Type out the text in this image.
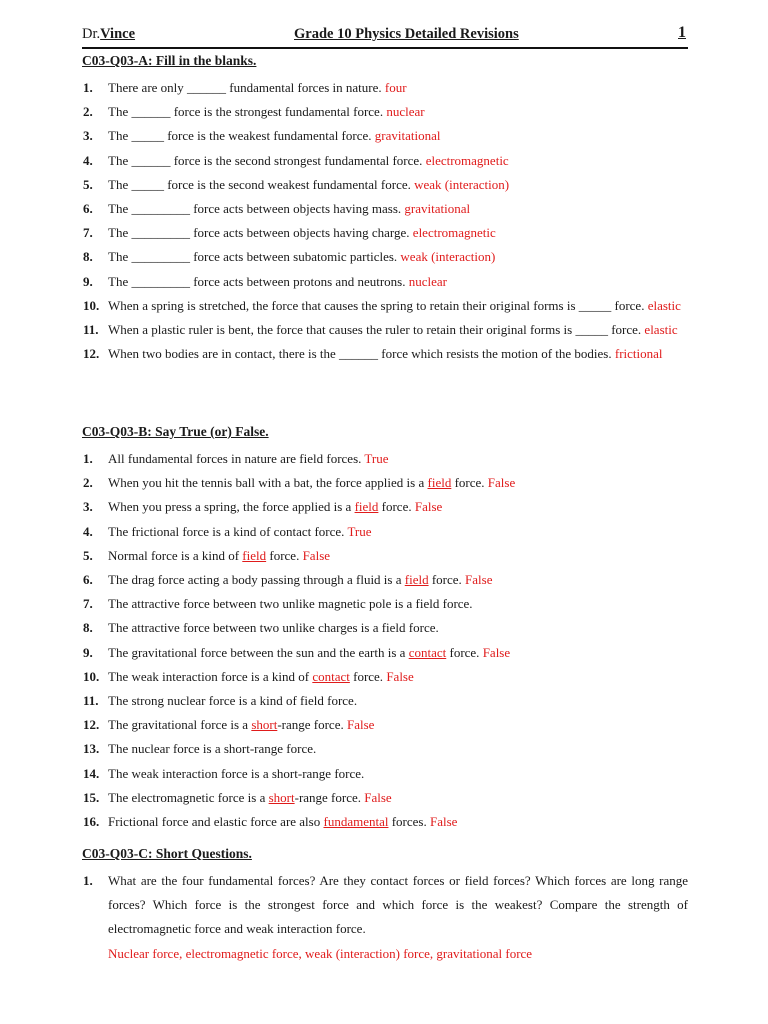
Dr.Vince	Grade 10 Physics Detailed Revisions	1
C03-Q03-A: Fill in the blanks.
1. There are only ______ fundamental forces in nature. four
2. The ______ force is the strongest fundamental force. nuclear
3. The _____ force is the weakest fundamental force. gravitational
4. The ______ force is the second strongest fundamental force. electromagnetic
5. The _____ force is the second weakest fundamental force. weak (interaction)
6. The _________ force acts between objects having mass. gravitational
7. The _________ force acts between objects having charge. electromagnetic
8. The _________ force acts between subatomic particles. weak (interaction)
9. The _________ force acts between protons and neutrons. nuclear
10. When a spring is stretched, the force that causes the spring to retain their original forms is _____ force. elastic
11. When a plastic ruler is bent, the force that causes the ruler to retain their original forms is _____ force. elastic
12. When two bodies are in contact, there is the ______ force which resists the motion of the bodies. frictional
C03-Q03-B: Say True (or) False.
1. All fundamental forces in nature are field forces. True
2. When you hit the tennis ball with a bat, the force applied is a field force. False
3. When you press a spring, the force applied is a field force. False
4. The frictional force is a kind of contact force. True
5. Normal force is a kind of field force. False
6. The drag force acting a body passing through a fluid is a field force. False
7. The attractive force between two unlike magnetic pole is a field force.
8. The attractive force between two unlike charges is a field force.
9. The gravitational force between the sun and the earth is a contact force. False
10. The weak interaction force is a kind of contact force. False
11. The strong nuclear force is a kind of field force.
12. The gravitational force is a short-range force. False
13. The nuclear force is a short-range force.
14. The weak interaction force is a short-range force.
15. The electromagnetic force is a short-range force. False
16. Frictional force and elastic force are also fundamental forces. False
C03-Q03-C: Short Questions.
1. What are the four fundamental forces? Are they contact forces or field forces? Which forces are long range forces? Which force is the strongest force and which force is the weakest? Compare the strength of electromagnetic force and weak interaction force.
Nuclear force, electromagnetic force, weak (interaction) force, gravitational force
